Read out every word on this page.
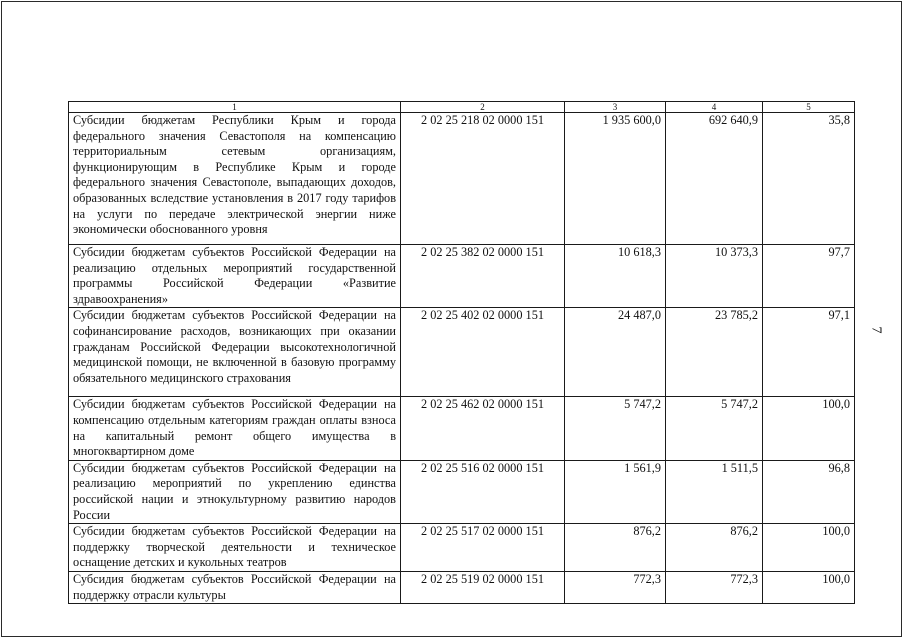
1	2	3	4	5
Субсидии бюджетам Республики Крым и города федерального значения Севастополя на компенсацию территориальным сетевым организациям, функционирующим в Республике Крым и городе федерального значения Севастополе, выпадающих доходов, образованных вследствие установления в 2017 году тарифов на услуги по передаче электрической энергии ниже экономически обоснованного уровня	2 02 25 218 02 0000 151	1 935 600,0	692 640,9	35,8
Субсидии бюджетам субъектов Российской Федерации на реализацию отдельных мероприятий государственной программы Российской Федерации «Развитие здравоохранения»	2 02 25 382 02 0000 151	10 618,3	10 373,3	97,7
Субсидии бюджетам субъектов Российской Федерации на софинансирование расходов, возникающих при оказании гражданам Российской Федерации высокотехнологичной медицинской помощи, не включенной в базовую программу обязательного медицинского страхования	2 02 25 402 02 0000 151	24 487,0	23 785,2	97,1
Субсидии бюджетам субъектов Российской Федерации на компенсацию отдельным категориям граждан оплаты взноса на капитальный ремонт общего имущества в многоквартирном доме	2 02 25 462 02 0000 151	5 747,2	5 747,2	100,0
Субсидии бюджетам субъектов Российской Федерации на реализацию мероприятий по укреплению единства российской нации и этнокультурному развитию народов России	2 02 25 516 02 0000 151	1 561,9	1 511,5	96,8
Субсидии бюджетам субъектов Российской Федерации на поддержку творческой деятельности и техническое оснащение детских и кукольных театров	2 02 25 517 02 0000 151	876,2	876,2	100,0
Субсидия бюджетам субъектов Российской Федерации на поддержку отрасли культуры	2 02 25 519 02 0000 151	772,3	772,3	100,0
7
